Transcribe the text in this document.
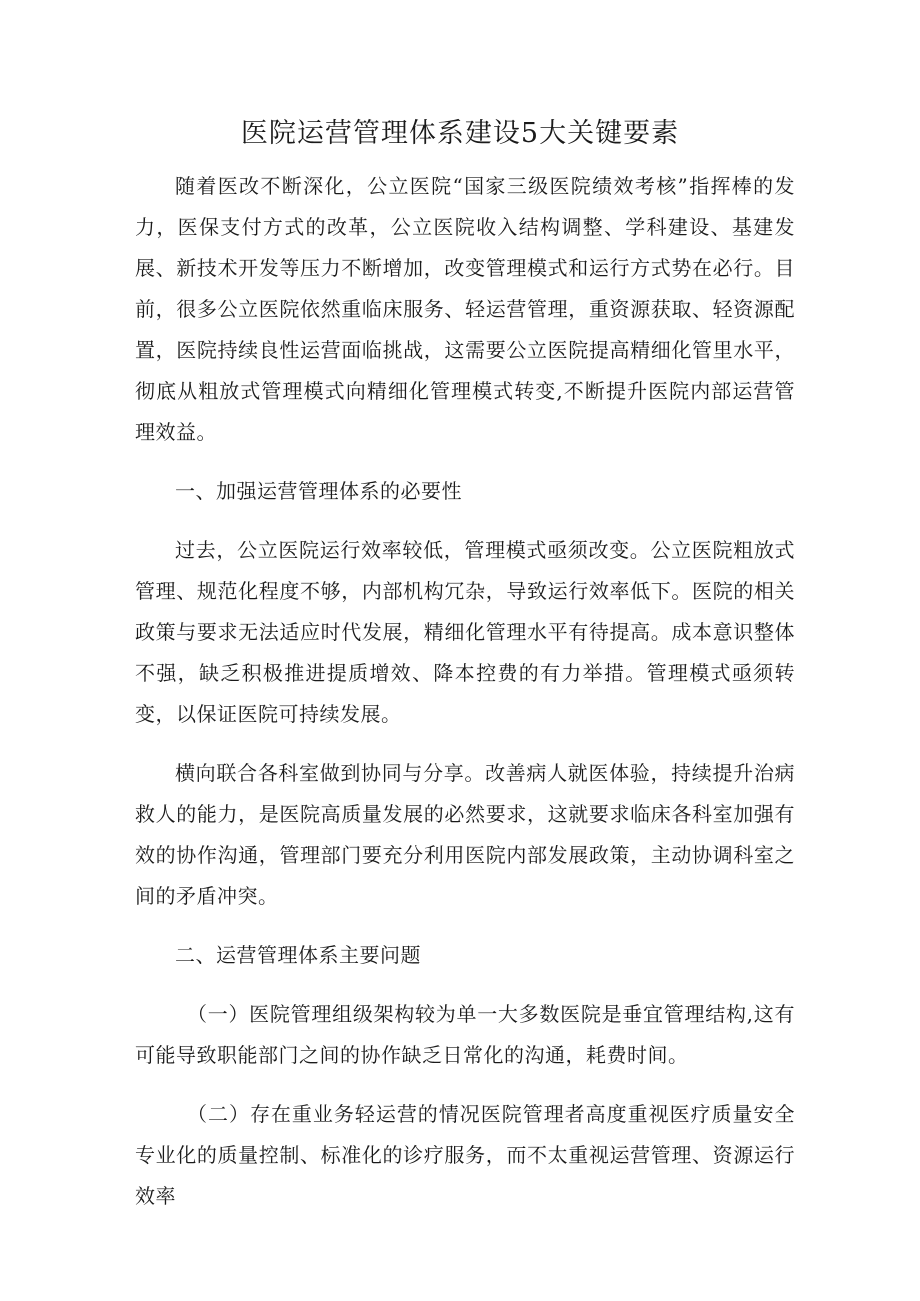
医院运营管理体系建设5大关键要素

随着医改不断深化，公立医院“国家三级医院绩效考核”指挥棒的发力，医保支付方式的改革，公立医院收入结构调整、学科建设、基建发展、新技术开发等压力不断增加，改变管理模式和运行方式势在必行。目前，很多公立医院依然重临床服务、轻运营管理，重资源获取、轻资源配置，医院持续良性运营面临挑战，这需要公立医院提高精细化管里水平，彻底从粗放式管理模式向精细化管理模式转变,不断提升医院内部运营管理效益。

一、加强运营管理体系的必要性

过去，公立医院运行效率较低，管理模式亟须改变。公立医院粗放式管理、规范化程度不够，内部机构冗杂，导致运行效率低下。医院的相关政策与要求无法适应时代发展，精细化管理水平有待提高。成本意识整体不强，缺乏积极推进提质增效、降本控费的有力举措。管理模式亟须转变，以保证医院可持续发展。

横向联合各科室做到协同与分享。改善病人就医体验，持续提升治病救人的能力，是医院高质量发展的必然要求，这就要求临床各科室加强有效的协作沟通，管理部门要充分利用医院内部发展政策，主动协调科室之间的矛盾冲突。

二、运营管理体系主要问题

（一）医院管理组级架构较为单一大多数医院是垂宜管理结构,这有可能导致职能部门之间的协作缺乏日常化的沟通，耗费时间。

（二）存在重业务轻运营的情况医院管理者高度重视医疗质量安全专业化的质量控制、标准化的诊疗服务，而不太重视运营管理、资源运行效率
